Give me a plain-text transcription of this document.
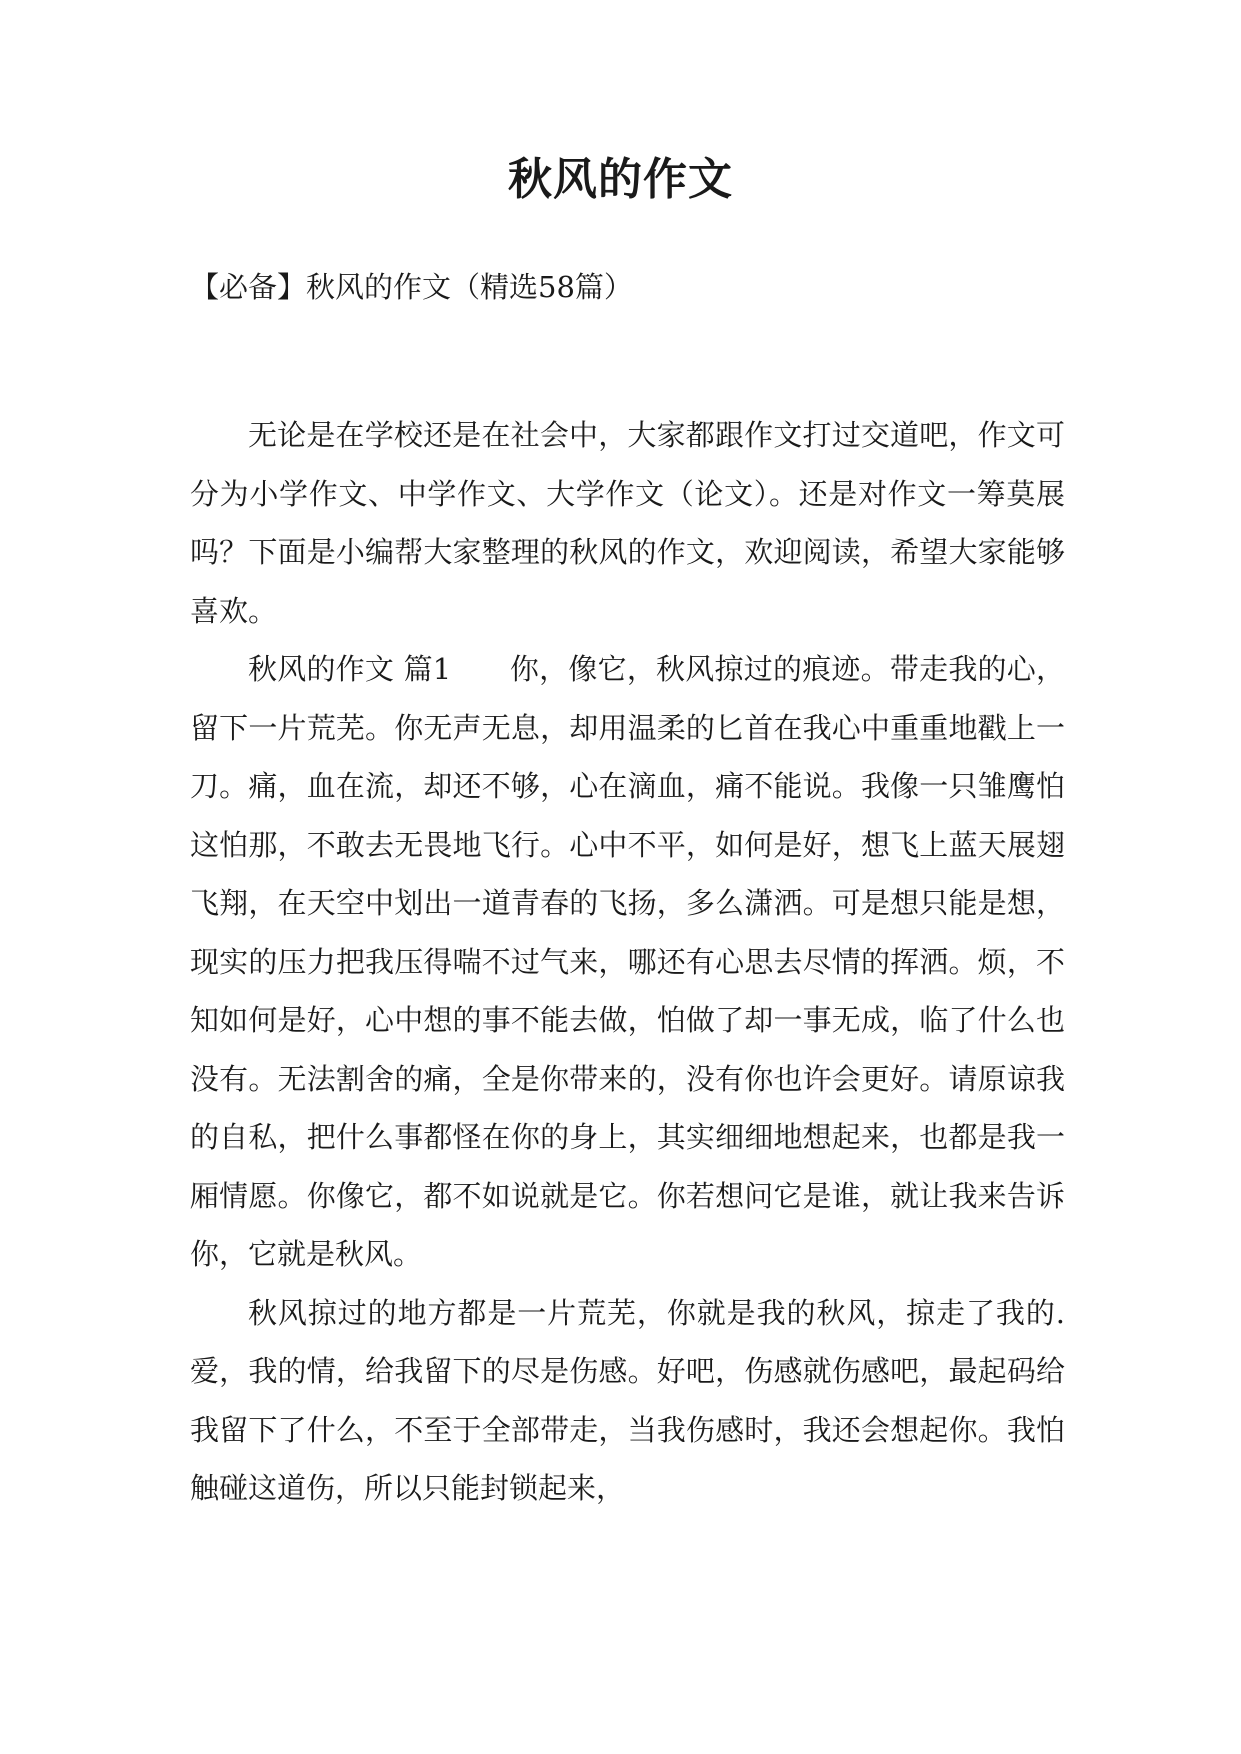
秋风的作文

【必备】秋风的作文（精选58篇）

无论是在学校还是在社会中，大家都跟作文打过交道吧，作文可分为小学作文、中学作文、大学作文（论文）。还是对作文一筹莫展吗？下面是小编帮大家整理的秋风的作文，欢迎阅读，希望大家能够喜欢。

秋风的作文 篇1　　你，像它，秋风掠过的痕迹。带走我的心，留下一片荒芜。你无声无息，却用温柔的匕首在我心中重重地戳上一刀。痛，血在流，却还不够，心在滴血，痛不能说。我像一只雏鹰怕这怕那，不敢去无畏地飞行。心中不平，如何是好，想飞上蓝天展翅飞翔，在天空中划出一道青春的飞扬，多么潇洒。可是想只能是想，现实的压力把我压得喘不过气来，哪还有心思去尽情的挥洒。烦，不知如何是好，心中想的事不能去做，怕做了却一事无成，临了什么也没有。无法割舍的痛，全是你带来的，没有你也许会更好。请原谅我的自私，把什么事都怪在你的身上，其实细细地想起来，也都是我一厢情愿。你像它，都不如说就是它。你若想问它是谁，就让我来告诉你，它就是秋风。

秋风掠过的地方都是一片荒芜，你就是我的秋风，掠走了我的.爱，我的情，给我留下的尽是伤感。好吧，伤感就伤感吧，最起码给我留下了什么，不至于全部带走，当我伤感时，我还会想起你。我怕触碰这道伤，所以只能封锁起来，
